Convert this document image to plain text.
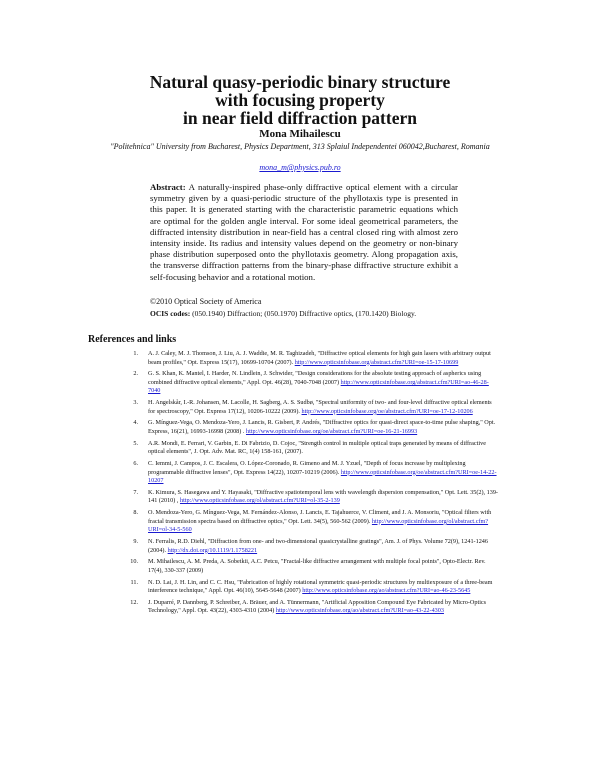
Natural quasy-periodic binary structure
with focusing property
in near field diffraction pattern
Mona Mihailescu
"Politehnica" University from Bucharest, Physics Department, 313 Splaiul Independentei 060042,Bucharest, Romania
mona_m@physics.pub.ro
Abstract: A naturally-inspired phase-only diffractive optical element with a circular symmetry given by a quasi-periodic structure of the phyllotaxis type is presented in this paper. It is generated starting with the characteristic parametric equations which are optimal for the golden angle interval. For some ideal geometrical parameters, the diffracted intensity distribution in near-field has a central closed ring with almost zero intensity inside. Its radius and intensity values depend on the geometry or non-binary phase distribution superposed onto the phyllotaxis geometry. Along propagation axis, the transverse diffraction patterns from the binary-phase diffractive structure exhibit a self-focusing behavior and a rotational motion.
©2010 Optical Society of America
OCIS codes: (050.1940) Diffraction; (050.1970) Diffractive optics, (170.1420) Biology.
References and links
1. A. J. Caley, M. J. Thomson, J. Liu, A. J. Waddie, M. R. Taghizadeh, "Diffractive optical elements for high gain lasers with arbitrary output beam profiles," Opt. Express 15(17), 10699-10704 (2007). http://www.opticsinfobase.org/abstract.cfm?URI=oe-15-17-10699
2. G. S. Khan, K. Mantel, I. Harder, N. Lindlein, J. Schwider, "Design considerations for the absolute testing approach of aspherics using combined diffractive optical elements," Appl. Opt. 46(28), 7040-7048 (2007) http://www.opticsinfobase.org/abstract.cfm?URI=ao-46-28-7040
3. H. Angelskår, I.-R. Johansen, M. Lacolle, H. Sagberg, A. S. Sudbø, "Spectral uniformity of two- and four-level diffractive optical elements for spectroscopy," Opt. Express 17(12), 10206-10222 (2009). http://www.opticsinfobase.org/oe/abstract.cfm?URI=oe-17-12-10206
4. G. Mínguez-Vega, O. Mendoza-Yero, J. Lancis, R. Gisbert, P. Andrés, "Diffractive optics for quasi-direct space-to-time pulse shaping," Opt. Express, 16(21), 16993-16998 (2008) . http://www.opticsinfobase.org/oe/abstract.cfm?URI=oe-16-21-16993
5. A.R. Mondi, E. Ferrari, V. Garbin, E. Di Fabrizio, D. Cojoc, "Strength control in multiple optical traps generated by means of diffractive optical elements", J. Opt. Adv. Mat. RC, 1(4) 158-161, (2007).
6. C. Iemmi, J. Campos, J. C. Escalera, O. López-Coronado, R. Gimeno and M. J. Yzuel, "Depth of focus increase by multiplexing programmable diffractive lenses", Opt. Express 14(22), 10207-10219 (2006). http://www.opticsinfobase.org/oe/abstract.cfm?URI=oe-14-22-10207
7. K. Kimura, S. Hasegawa and Y. Hayasaki, "Diffractive spatiotemporal lens with wavelength dispersion compensation," Opt. Lett. 35(2), 139-141 (2010) , http://www.opticsinfobase.org/ol/abstract.cfm?URI=ol-35-2-139
8. O. Mendoza-Yero, G. Mínguez-Vega, M. Fernández-Alonso, J. Lancis, E. Tajahuerce, V. Climent, and J. A. Monsoriu, "Optical filters with fractal transmission spectra based on diffractive optics," Opt. Lett. 34(5), 560-562 (2009). http://www.opticsinfobase.org/ol/abstract.cfm?URI=ol-34-5-560
9. N. Ferralis, R.D. Diehl, "Diffraction from one- and two-dimensional quasicrystalline gratings", Am. J. of Phys. Volume 72(9), 1241-1246 (2004). http://dx.doi.org/10.1119/1.1758221
10. M. Mihailescu, A. M. Preda, A. Sobetkii, A.C. Petcu, "Fractal-like diffractive arrangement with multiple focal points", Opto-Electr. Rev. 17(4), 330-337 (2009)
11. N. D. Lai, J. H. Lin, and C. C. Hsu, "Fabrication of highly rotational symmetric quasi-periodic structures by multiexposure of a three-beam interference technique," Appl. Opt. 46(10), 5645-5648 (2007) http://www.opticsinfobase.org/ao/abstract.cfm?URI=ao-46-23-5645
12. J. Duparré, P. Dannberg, P. Schreiber, A. Bräuer, and A. Tünnermann, "Artificial Apposition Compound Eye Fabricated by Micro-Optics Technology," Appl. Opt. 43(22), 4303-4310 (2004) http://www.opticsinfobase.org/ao/abstract.cfm?URI=ao-43-22-4303
